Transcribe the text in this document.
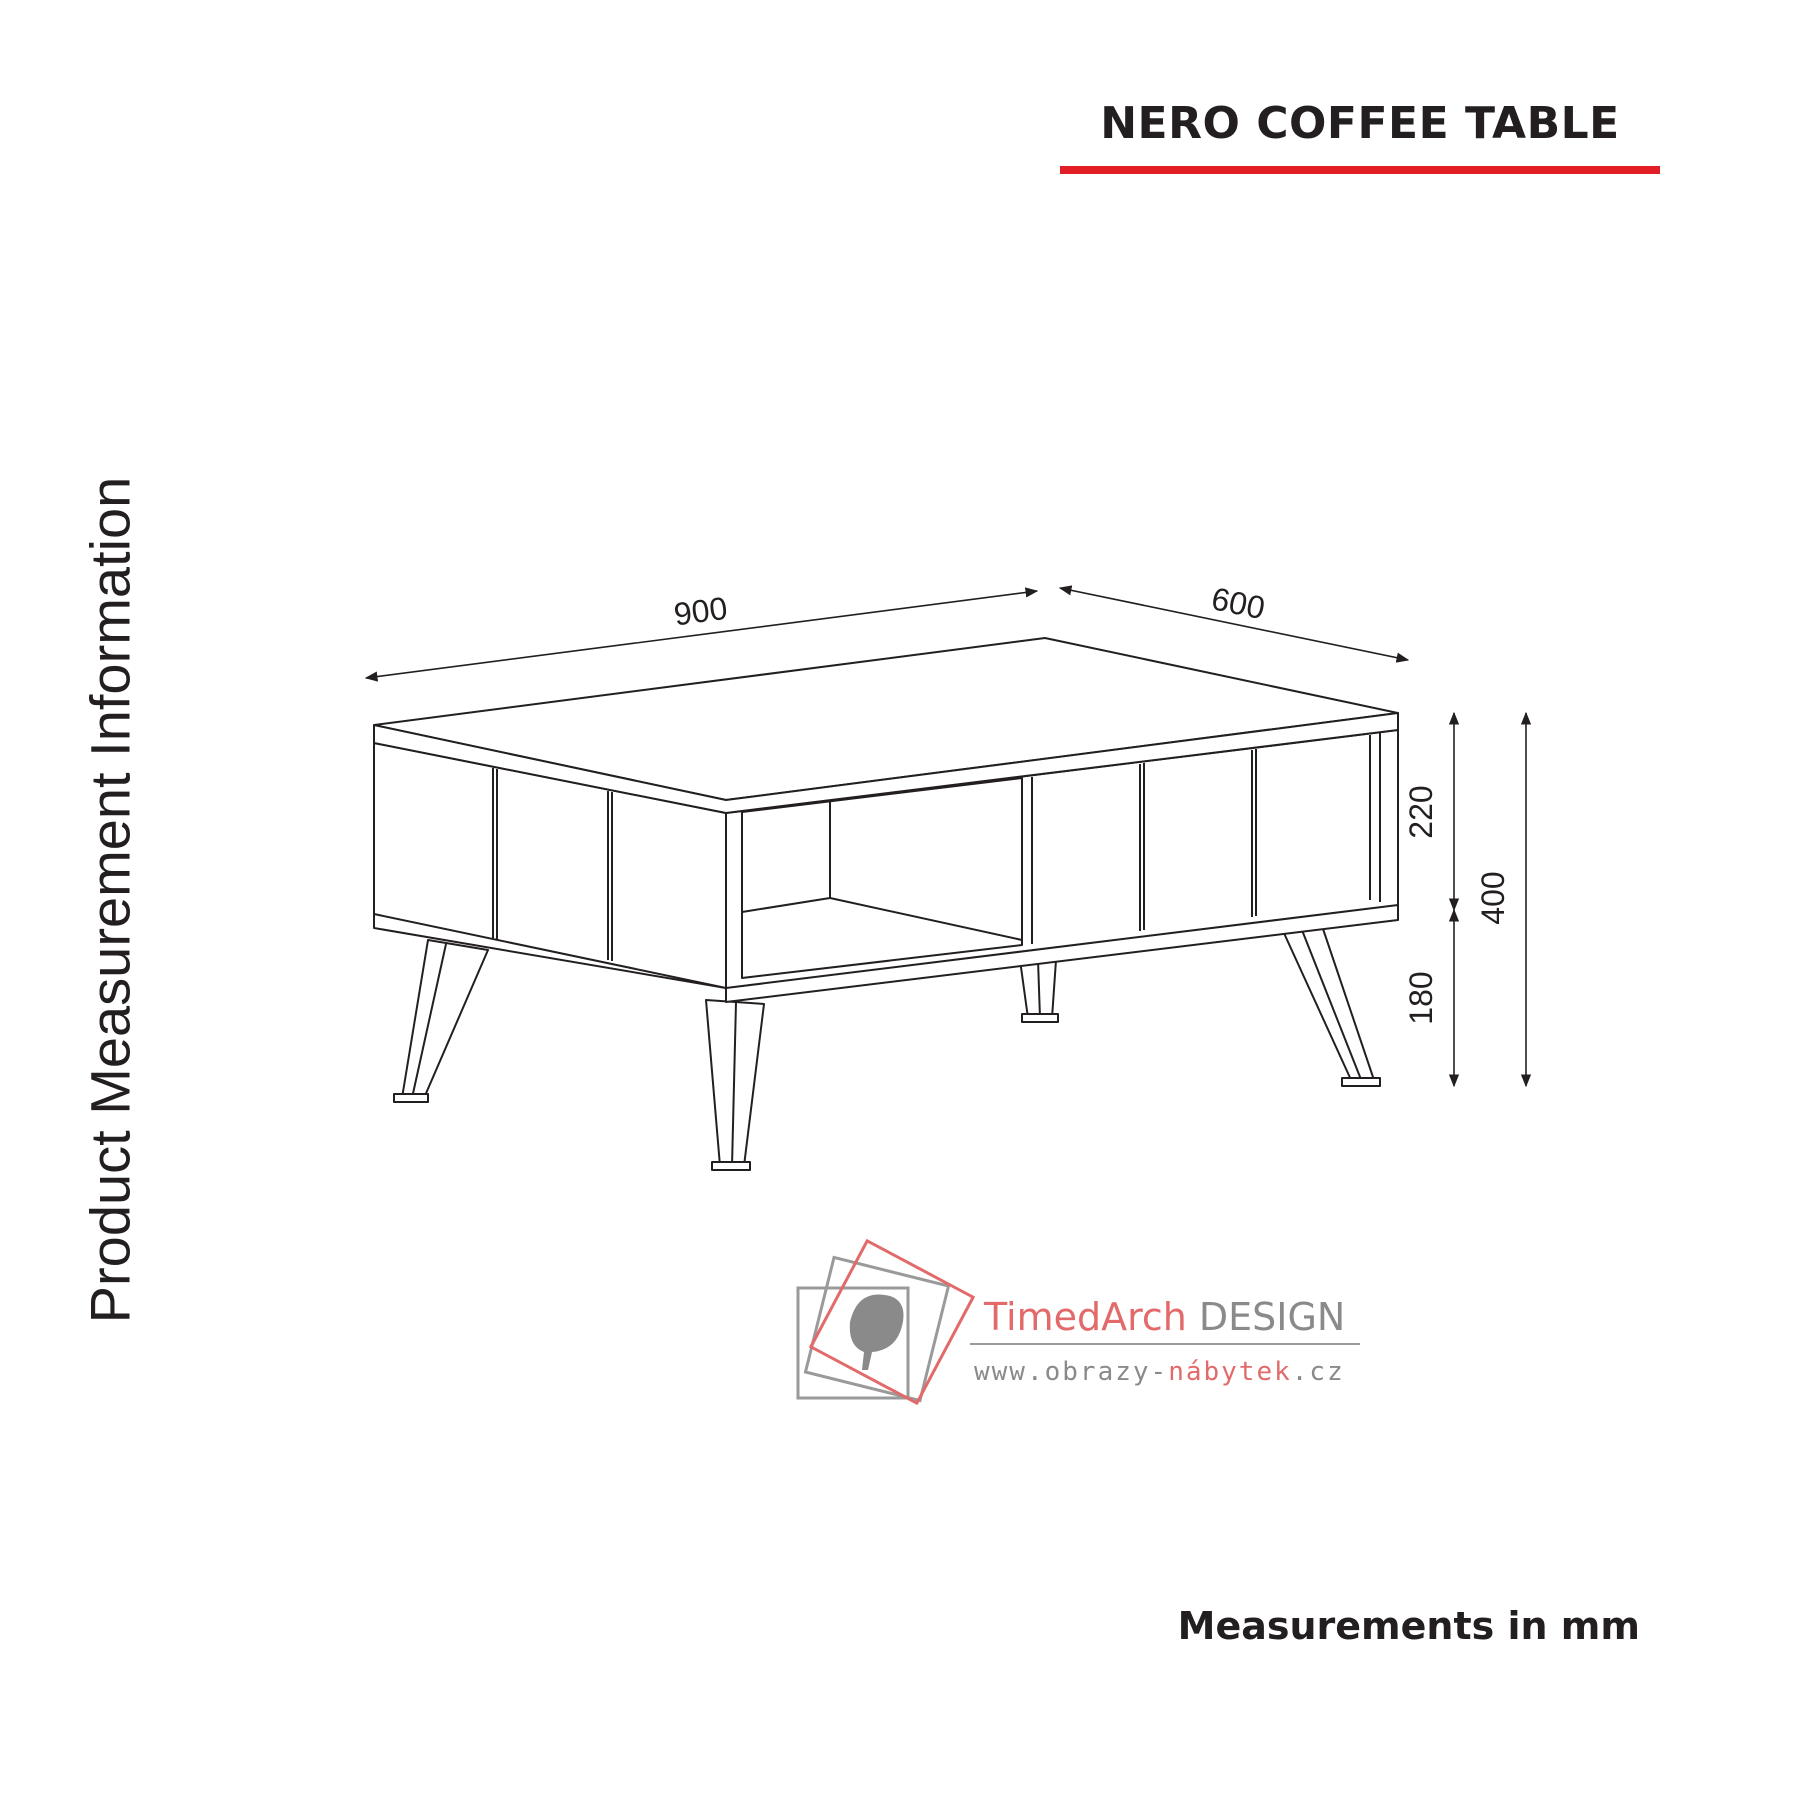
NERO COFFEE TABLE
Product Measurement Information	900	600
220
180
400
TimedArch DESIGN
www.obrazy-nábytek.cz
Measurements in mm
